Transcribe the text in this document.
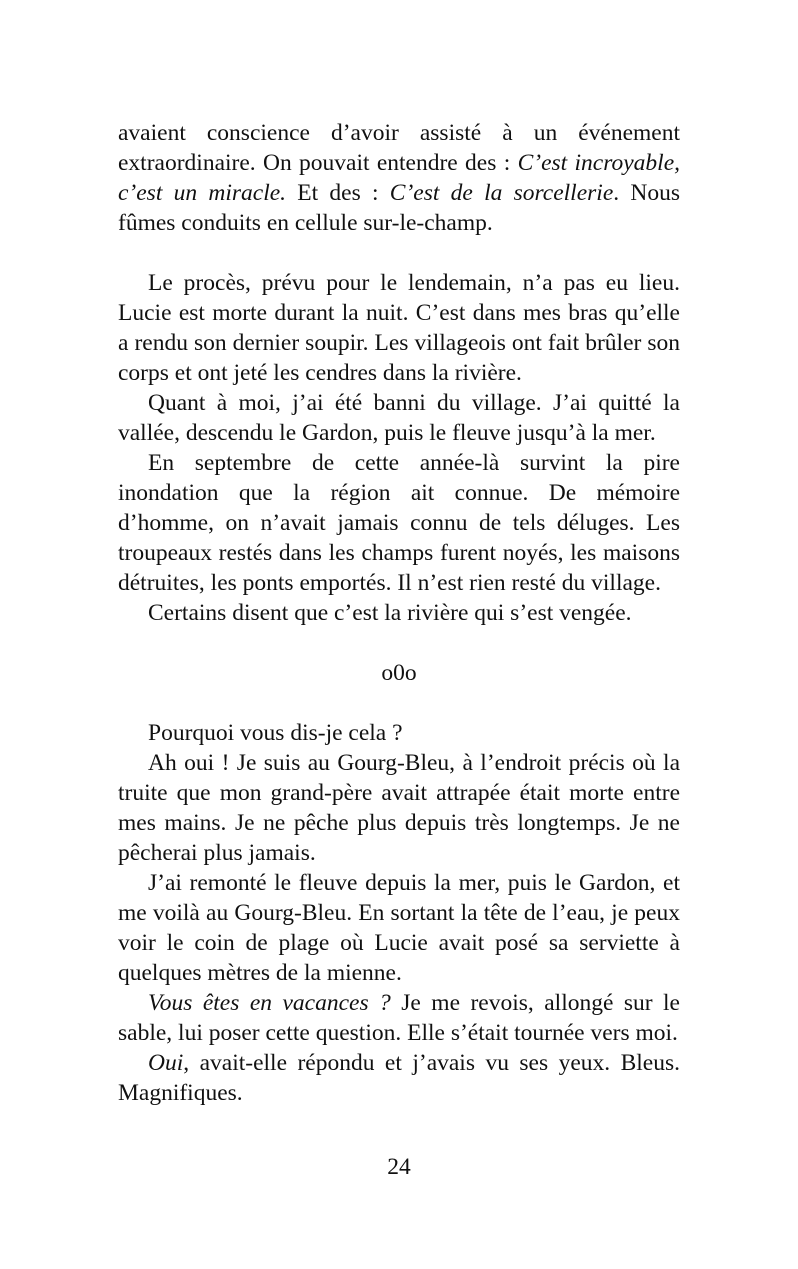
avaient conscience d’avoir assisté à un événement extraordinaire. On pouvait entendre des : C’est incroyable, c’est un miracle. Et des : C’est de la sorcellerie. Nous fûmes conduits en cellule sur-le-champ.

Le procès, prévu pour le lendemain, n’a pas eu lieu. Lucie est morte durant la nuit. C’est dans mes bras qu’elle a rendu son dernier soupir. Les villageois ont fait brûler son corps et ont jeté les cendres dans la rivière.

Quant à moi, j’ai été banni du village. J’ai quitté la vallée, descendu le Gardon, puis le fleuve jusqu’à la mer.

En septembre de cette année-là survint la pire inondation que la région ait connue. De mémoire d’homme, on n’avait jamais connu de tels déluges. Les troupeaux restés dans les champs furent noyés, les maisons détruites, les ponts emportés. Il n’est rien resté du village.

Certains disent que c’est la rivière qui s’est vengée.

o0o

Pourquoi vous dis-je cela ?

Ah oui ! Je suis au Gourg-Bleu, à l’endroit précis où la truite que mon grand-père avait attrapée était morte entre mes mains. Je ne pêche plus depuis très longtemps. Je ne pêcherai plus jamais.

J’ai remonté le fleuve depuis la mer, puis le Gardon, et me voilà au Gourg-Bleu. En sortant la tête de l’eau, je peux voir le coin de plage où Lucie avait posé sa serviette à quelques mètres de la mienne.

Vous êtes en vacances ? Je me revois, allongé sur le sable, lui poser cette question. Elle s’était tournée vers moi.

Oui, avait-elle répondu et j’avais vu ses yeux. Bleus. Magnifiques.

24
